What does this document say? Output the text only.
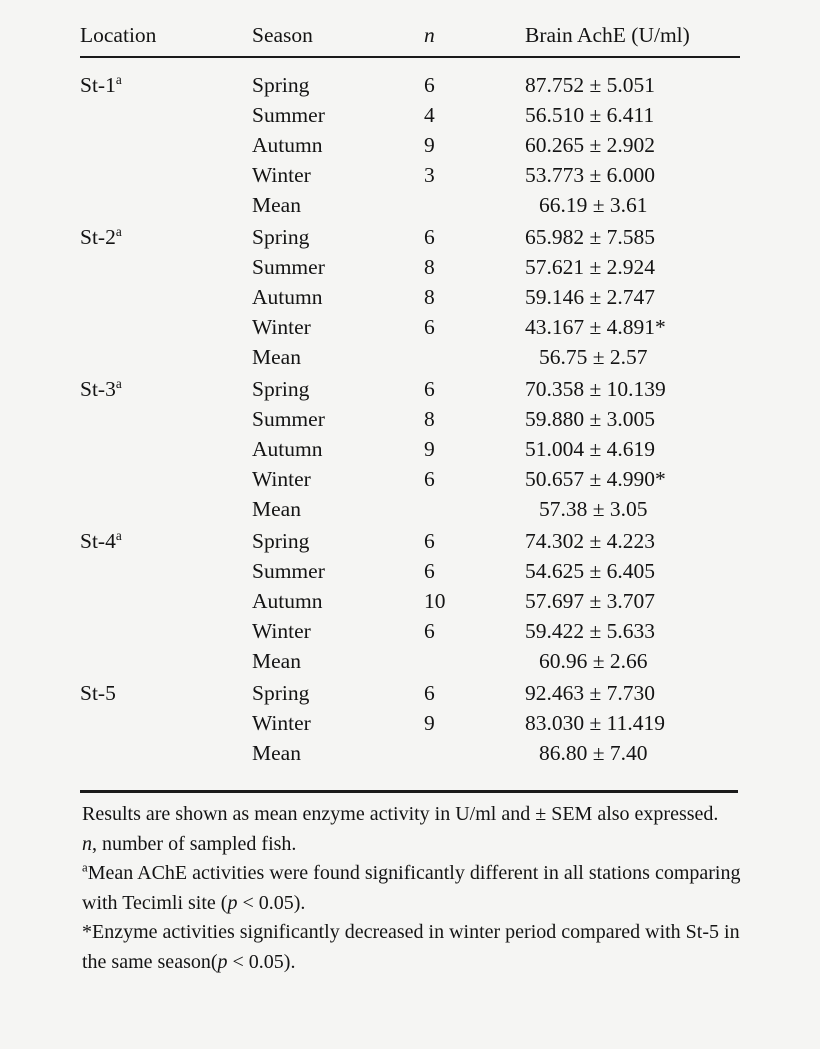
Location	Season	n	Brain AchE (U/ml)

St-1$^a$	Spring	6	87.752 ± 5.051
	Summer	4	56.510 ± 6.411
	Autumn	9	60.265 ± 2.902
	Winter	3	53.773 ± 6.000
	Mean		66.19 ± 3.61
St-2$^a$	Spring	6	65.982 ± 7.585
	Summer	8	57.621 ± 2.924
	Autumn	8	59.146 ± 2.747
	Winter	6	43.167 ± 4.891*
	Mean		56.75 ± 2.57
St-3$^a$	Spring	6	70.358 ± 10.139
	Summer	8	59.880 ± 3.005
	Autumn	9	51.004 ± 4.619
	Winter	6	50.657 ± 4.990*
	Mean		57.38 ± 3.05
St-4$^a$	Spring	6	74.302 ± 4.223
	Summer	6	54.625 ± 6.405
	Autumn	10	57.697 ± 3.707
	Winter	6	59.422 ± 5.633
	Mean		60.96 ± 2.66
St-5	Spring	6	92.463 ± 7.730
	Winter	9	83.030 ± 11.419
	Mean		86.80 ± 7.40

Results are shown as mean enzyme activity in U/ml and ± SEM also expressed.

n, number of sampled fish.

$^a$Mean AChE activities were found significantly different in all stations comparing with Tecimli site (p < 0.05).

*Enzyme activities significantly decreased in winter period compared with St-5 in the same season(p < 0.05).
